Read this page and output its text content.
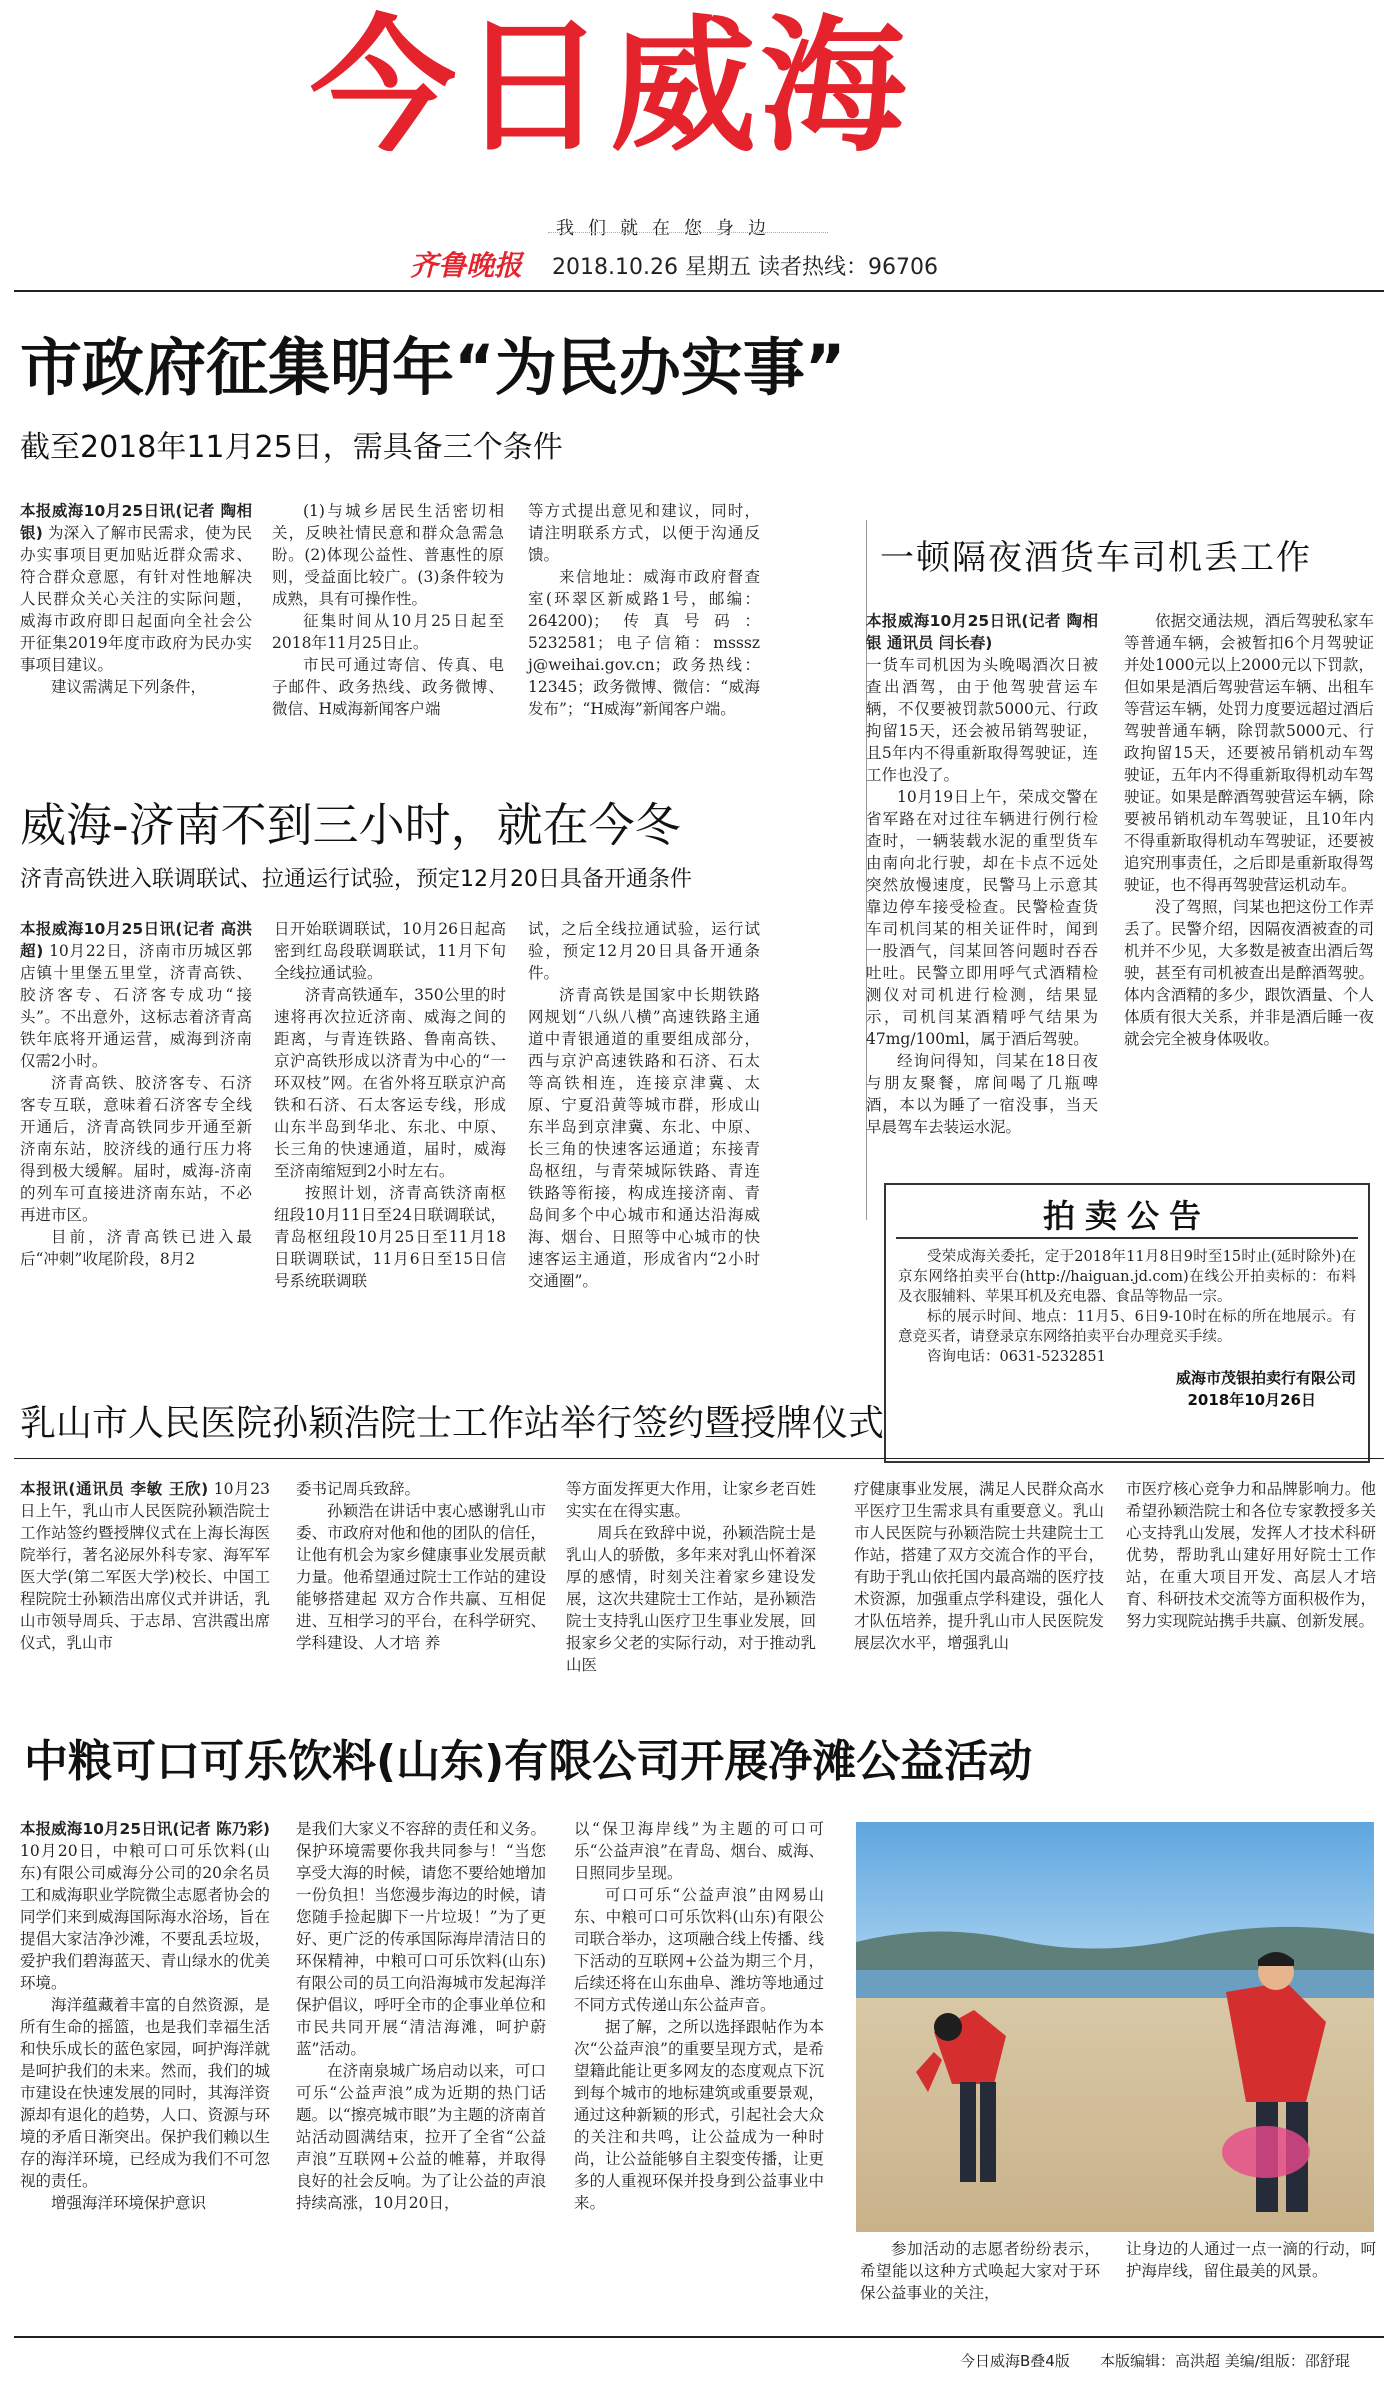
今日威海
我们就在您身边
齐鲁晚报 2018.10.26 星期五 读者热线：96706
市政府征集明年“为民办实事”
截至2018年11月25日，需具备三个条件

本报威海10月25日讯(记者 陶相银) 为深入了解市民需求，使为民办实事项目更加贴近群众需求、符合群众意愿，有针对性地解决人民群众关心关注的实际问题，威海市政府即日起面向全社会公开征集2019年度市政府为民办实事项目建议。

建议需满足下列条件，

(1)与城乡居民生活密切相关，反映社情民意和群众急需急盼。(2)体现公益性、普惠性的原则，受益面比较广。(3)条件较为成熟，具有可操作性。

征集时间从10月25日起至2018年11月25日止。

市民可通过寄信、传真、电子邮件、政务热线、政务微博、微信、H威海新闻客户端

等方式提出意见和建议，同时，请注明联系方式，以便于沟通反馈。

来信地址：威海市政府督查室(环翠区新威路1号，邮编：264200)；传真号码：5232581；电子信箱：msssz j@weihai.gov.cn；政务热线：12345；政务微博、微信：“威海发布”；“H威海”新闻客户端。

一顿隔夜酒货车司机丢工作

本报威海10月25日讯(记者 陶相银 通讯员 闫长春)

一货车司机因为头晚喝酒次日被查出酒驾，由于他驾驶营运车辆，不仅要被罚款5000元、行政拘留15天，还会被吊销驾驶证，且5年内不得重新取得驾驶证，连工作也没了。

10月19日上午，荣成交警在省军路在对过往车辆进行例行检查时，一辆装载水泥的重型货车由南向北行驶，却在卡点不远处突然放慢速度，民警马上示意其靠边停车接受检查。民警检查货车司机闫某的相关证件时，闻到一股酒气，闫某回答问题时吞吞吐吐。民警立即用呼气式酒精检测仪对司机进行检测，结果显示，司机闫某酒精呼气结果为47mg/100ml，属于酒后驾驶。

经询问得知，闫某在18日夜与朋友聚餐，席间喝了几瓶啤酒，本以为睡了一宿没事，当天早晨驾车去装运水泥。

依据交通法规，酒后驾驶私家车等普通车辆，会被暂扣6个月驾驶证并处1000元以上2000元以下罚款，但如果是酒后驾驶营运车辆、出租车等营运车辆，处罚力度要远超过酒后驾驶普通车辆，除罚款5000元、行政拘留15天，还要被吊销机动车驾驶证，五年内不得重新取得机动车驾驶证。如果是醉酒驾驶营运车辆，除要被吊销机动车驾驶证，且10年内不得重新取得机动车驾驶证，还要被追究刑事责任，之后即是重新取得驾驶证，也不得再驾驶营运机动车。

没了驾照，闫某也把这份工作弄丢了。民警介绍，因隔夜酒被查的司机并不少见，大多数是被查出酒后驾驶，甚至有司机被查出是醉酒驾驶。体内含酒精的多少，跟饮酒量、个人体质有很大关系，并非是酒后睡一夜就会完全被身体吸收。

威海-济南不到三小时，就在今冬
济青高铁进入联调联试、拉通运行试验，预定12月20日具备开通条件

本报威海10月25日讯(记者 高洪超) 10月22日，济南市历城区郭店镇十里堡五里堂，济青高铁、胶济客专、石济客专成功“接头”。不出意外，这标志着济青高铁年底将开通运营，威海到济南仅需2小时。

济青高铁、胶济客专、石济客专互联，意味着石济客专全线开通后，济青高铁同步开通至新济南东站，胶济线的通行压力将得到极大缓解。届时，威海-济南的列车可直接进济南东站，不必再进市区。

目前，济青高铁已进入最后“冲刺”收尾阶段，8月2

日开始联调联试，10月26日起高密到红岛段联调联试，11月下旬全线拉通试验。

济青高铁通车，350公里的时速将再次拉近济南、威海之间的距离，与青连铁路、鲁南高铁、京沪高铁形成以济青为中心的“一环双枝”网。在省外将互联京沪高铁和石济、石太客运专线，形成山东半岛到华北、东北、中原、长三角的快速通道，届时，威海至济南缩短到2小时左右。

按照计划，济青高铁济南枢纽段10月11日至24日联调联试，青岛枢纽段10月25日至11月18日联调联试，11月6日至15日信号系统联调联

试，之后全线拉通试验，运行试验，预定12月20日具备开通条件。

济青高铁是国家中长期铁路网规划“八纵八横”高速铁路主通道中青银通道的重要组成部分，西与京沪高速铁路和石济、石太等高铁相连，连接京津冀、太原、宁夏沿黄等城市群，形成山东半岛到京津冀、东北、中原、长三角的快速客运通道；东接青岛枢纽，与青荣城际铁路、青连铁路等衔接，构成连接济南、青岛间多个中心城市和通达沿海威海、烟台、日照等中心城市的快速客运主通道，形成省内“2小时交通圈”。

拍卖公告

受荣成海关委托，定于2018年11月8日9时至15时止(延时除外)在京东网络拍卖平台(http://haiguan.jd.com)在线公开拍卖标的：布料及衣服辅料、苹果耳机及充电器、食品等物品一宗。

标的展示时间、地点：11月5、6日9-10时在标的所在地展示。有意竞买者，请登录京东网络拍卖平台办理竞买手续。

咨询电话：0631-5232851

威海市茂银拍卖行有限公司
2018年10月26日
乳山市人民医院孙颖浩院士工作站举行签约暨授牌仪式

本报讯(通讯员 李敏 王欣) 10月23日上午，乳山市人民医院孙颖浩院士工作站签约暨授牌仪式在上海长海医院举行，著名泌尿外科专家、海军军医大学(第二军医大学)校长、中国工程院院士孙颖浩出席仪式并讲话，乳山市领导周兵、于志昂、宫洪霞出席仪式，乳山市

委书记周兵致辞。

孙颖浩在讲话中衷心感谢乳山市委、市政府对他和他的团队的信任，让他有机会为家乡健康事业发展贡献力量。他希望通过院士工作站的建设能够搭建起 双方合作共赢、互相促进、互相学习的平台，在科学研究、学科建设、人才培 养

等方面发挥更大作用，让家乡老百姓实实在在得实惠。

周兵在致辞中说，孙颖浩院士是乳山人的骄傲，多年来对乳山怀着深厚的感情，时刻关注着家乡建设发展，这次共建院士工作站，是孙颖浩院士支持乳山医疗卫生事业发展，回报家乡父老的实际行动，对于推动乳山医

疗健康事业发展，满足人民群众高水平医疗卫生需求具有重要意义。乳山市人民医院与孙颖浩院士共建院士工作站，搭建了双方交流合作的平台，有助于乳山依托国内最高端的医疗技术资源，加强重点学科建设，强化人才队伍培养，提升乳山市人民医院发展层次水平，增强乳山

市医疗核心竞争力和品牌影响力。他希望孙颖浩院士和各位专家教授多关心支持乳山发展，发挥人才技术科研优势，帮助乳山建好用好院士工作站，在重大项目开发、高层人才培育、科研技术交流等方面积极作为，努力实现院站携手共赢、创新发展。

中粮可口可乐饮料(山东)有限公司开展净滩公益活动

本报威海10月25日讯(记者 陈乃彩) 10月20日，中粮可口可乐饮料(山东)有限公司威海分公司的20余名员工和威海职业学院微尘志愿者协会的同学们来到威海国际海水浴场，旨在提倡大家洁净沙滩，不要乱丢垃圾，爱护我们碧海蓝天、青山绿水的优美环境。

海洋蕴藏着丰富的自然资源，是所有生命的摇篮，也是我们幸福生活和快乐成长的蓝色家园，呵护海洋就是呵护我们的未来。然而，我们的城市建设在快速发展的同时，其海洋资源却有退化的趋势，人口、资源与环境的矛盾日渐突出。保护我们赖以生存的海洋环境，已经成为我们不可忽视的责任。

增强海洋环境保护意识

是我们大家义不容辞的责任和义务。保护环境需要你我共同参与！“当您享受大海的时候，请您不要给她增加一份负担！当您漫步海边的时候，请您随手捡起脚下一片垃圾！”为了更好、更广泛的传承国际海岸清洁日的环保精神，中粮可口可乐饮料(山东)有限公司的员工向沿海城市发起海洋保护倡议，呼吁全市的企事业单位和市民共同开展“清洁海滩，呵护蔚蓝”活动。

在济南泉城广场启动以来，可口可乐“公益声浪”成为近期的热门话题。以“擦亮城市眼”为主题的济南首站活动圆满结束，拉开了全省“公益声浪”互联网+公益的帷幕，并取得良好的社会反响。为了让公益的声浪持续高涨，10月20日，

以“保卫海岸线”为主题的可口可乐“公益声浪”在青岛、烟台、威海、日照同步呈现。

可口可乐“公益声浪”由网易山东、中粮可口可乐饮料(山东)有限公司联合举办，这项融合线上传播、线下活动的互联网+公益为期三个月，后续还将在山东曲阜、潍坊等地通过不同方式传递山东公益声音。

据了解，之所以选择跟帖作为本次“公益声浪”的重要呈现方式，是希望籍此能让更多网友的态度观点下沉到每个城市的地标建筑或重要景观，通过这种新颖的形式，引起社会大众的关注和共鸣，让公益成为一种时尚，让公益能够自主裂变传播，让更多的人重视环保并投身到公益事业中来。

参加活动的志愿者纷纷表示，希望能以这种方式唤起大家对于环保公益事业的关注，

让身边的人通过一点一滴的行动，呵护海岸线，留住最美的风景。

今日威海B叠4版 本版编辑：高洪超 美编/组版：邵舒琨
